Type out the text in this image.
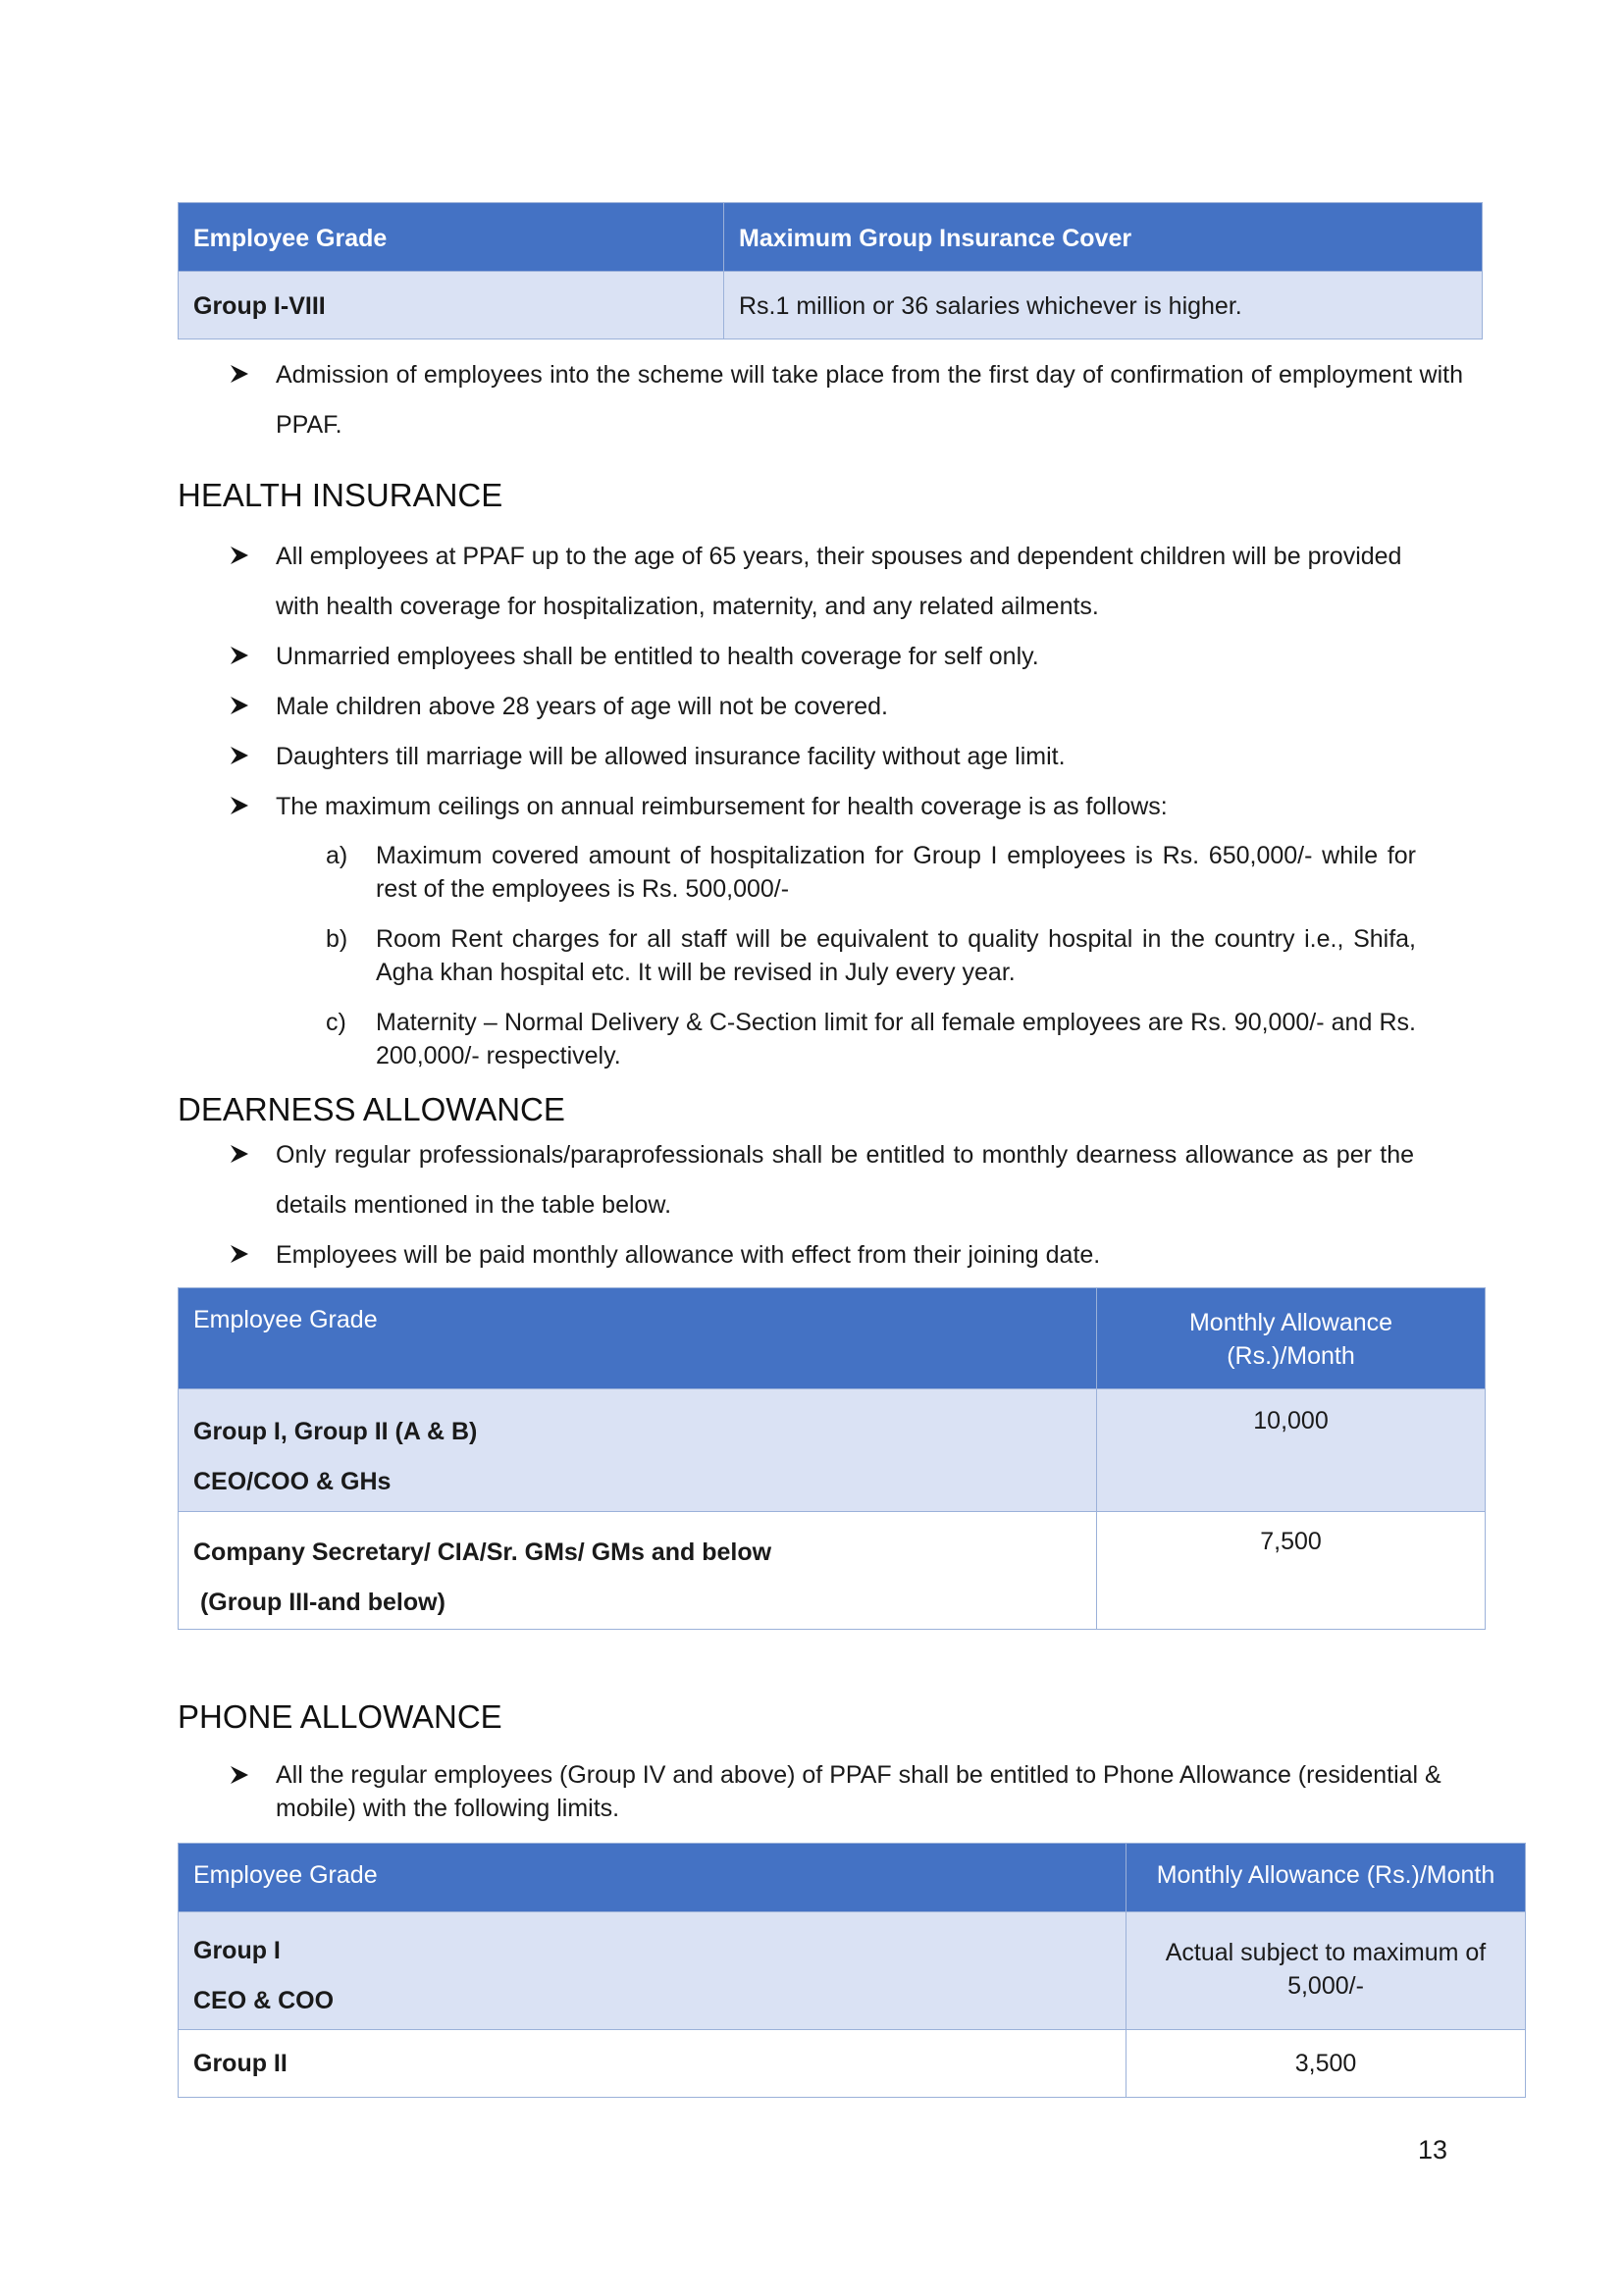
Employee Grade	Maximum Group Insurance Cover
Group I-VIII	Rs.1 million or 36 salaries whichever is higher.
Admission of employees into the scheme will take place from the first day of confirmation of employment with PPAF.
HEALTH INSURANCE
All employees at PPAF up to the age of 65 years, their spouses and dependent children will be provided with health coverage for hospitalization, maternity, and any related ailments.
Unmarried employees shall be entitled to health coverage for self only.
Male children above 28 years of age will not be covered.
Daughters till marriage will be allowed insurance facility without age limit.
The maximum ceilings on annual reimbursement for health coverage is as follows:
a) Maximum covered amount of hospitalization for Group I employees is Rs. 650,000/- while for rest of the employees is Rs. 500,000/-
b) Room Rent charges for all staff will be equivalent to quality hospital in the country i.e., Shifa, Agha khan hospital etc. It will be revised in July every year.
c) Maternity – Normal Delivery & C-Section limit for all female employees are Rs. 90,000/- and Rs. 200,000/- respectively.
DEARNESS ALLOWANCE
Only regular professionals/paraprofessionals shall be entitled to monthly dearness allowance as per the details mentioned in the table below.
Employees will be paid monthly allowance with effect from their joining date.
Employee Grade	Monthly Allowance (Rs.)/Month

Group I, Group II (A & B)
CEO/COO & GHs	10,000

Company Secretary/ CIA/Sr. GMs/ GMs and below
(Group III-and below)	7,500
PHONE ALLOWANCE
All the regular employees (Group IV and above) of PPAF shall be entitled to Phone Allowance (residential & mobile) with the following limits.
Employee Grade	Monthly Allowance (Rs.)/Month

Group I
CEO & COO	Actual subject to maximum of 5,000/-

Group II	3,500
13
